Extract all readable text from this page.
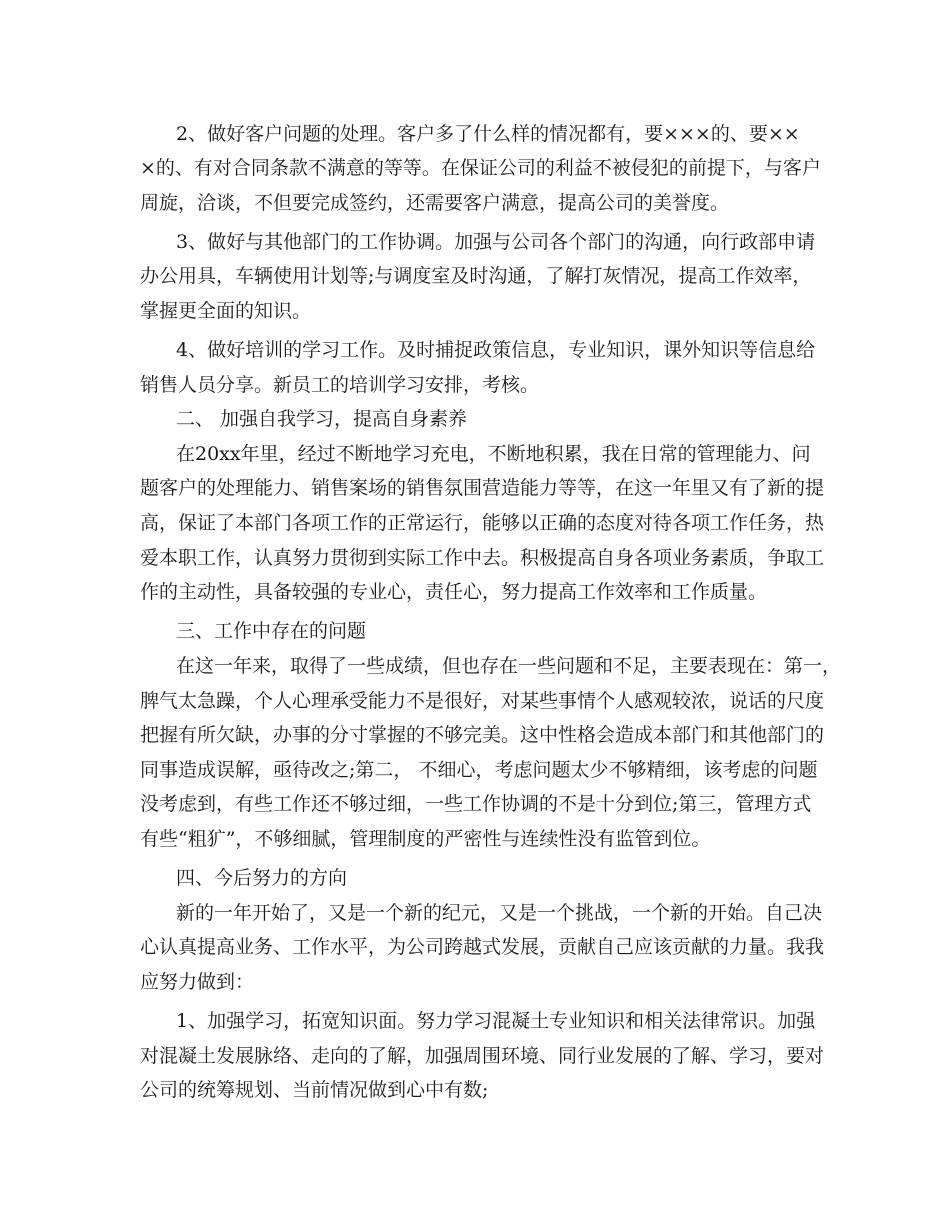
2、做好客户问题的处理。客户多了什么样的情况都有，要×××的、要××
×的、有对合同条款不满意的等等。在保证公司的利益不被侵犯的前提下，与客户
周旋，洽谈，不但要完成签约，还需要客户满意，提高公司的美誉度。
3、做好与其他部门的工作协调。加强与公司各个部门的沟通，向行政部申请
办公用具，车辆使用计划等;与调度室及时沟通，了解打灰情况，提高工作效率，
掌握更全面的知识。
4、做好培训的学习工作。及时捕捉政策信息，专业知识，课外知识等信息给
销售人员分享。新员工的培训学习安排，考核。
二、 加强自我学习，提高自身素养
在20xx年里，经过不断地学习充电，不断地积累，我在日常的管理能力、问
题客户的处理能力、销售案场的销售氛围营造能力等等，在这一年里又有了新的提
高，保证了本部门各项工作的正常运行，能够以正确的态度对待各项工作任务，热
爱本职工作，认真努力贯彻到实际工作中去。积极提高自身各项业务素质，争取工
作的主动性，具备较强的专业心，责任心，努力提高工作效率和工作质量。
三、工作中存在的问题
在这一年来，取得了一些成绩，但也存在一些问题和不足，主要表现在：第一，
脾气太急躁，个人心理承受能力不是很好，对某些事情个人感观较浓，说话的尺度
把握有所欠缺，办事的分寸掌握的不够完美。这中性格会造成本部门和其他部门的
同事造成误解，亟待改之;第二， 不细心，考虑问题太少不够精细，该考虑的问题
没考虑到，有些工作还不够过细，一些工作协调的不是十分到位;第三，管理方式
有些“粗犷”，不够细腻，管理制度的严密性与连续性没有监管到位。
四、今后努力的方向
新的一年开始了，又是一个新的纪元，又是一个挑战，一个新的开始。自己决
心认真提高业务、工作水平，为公司跨越式发展，贡献自己应该贡献的力量。我我
应努力做到：
1、加强学习，拓宽知识面。努力学习混凝土专业知识和相关法律常识。加强
对混凝土发展脉络、走向的了解，加强周围环境、同行业发展的了解、学习，要对
公司的统筹规划、当前情况做到心中有数;
